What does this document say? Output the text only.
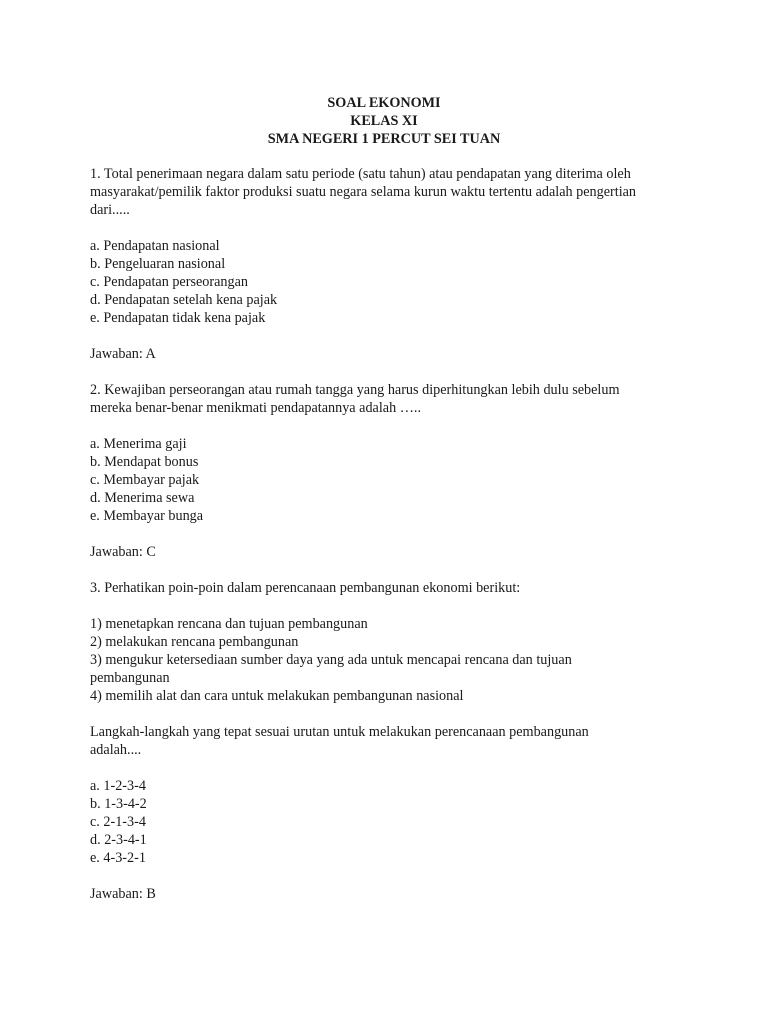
SOAL EKONOMI
KELAS XI
SMA NEGERI 1 PERCUT SEI TUAN
1. Total penerimaan negara dalam satu periode (satu tahun) atau pendapatan yang diterima oleh
masyarakat/pemilik faktor produksi suatu negara selama kurun waktu tertentu adalah pengertian
dari.....
a. Pendapatan nasional
b. Pengeluaran nasional
c. Pendapatan perseorangan
d. Pendapatan setelah kena pajak
e. Pendapatan tidak kena pajak
Jawaban: A
2. Kewajiban perseorangan atau rumah tangga yang harus diperhitungkan lebih dulu sebelum
mereka benar-benar menikmati pendapatannya adalah …..
a. Menerima gaji
b. Mendapat bonus
c. Membayar pajak
d. Menerima sewa
e. Membayar bunga
Jawaban: C
3. Perhatikan poin-poin dalam perencanaan pembangunan ekonomi berikut:
1) menetapkan rencana dan tujuan pembangunan
2) melakukan rencana pembangunan
3) mengukur ketersediaan sumber daya yang ada untuk mencapai rencana dan tujuan
pembangunan
4) memilih alat dan cara untuk melakukan pembangunan nasional
Langkah-langkah yang tepat sesuai urutan untuk melakukan perencanaan pembangunan
adalah....
a. 1-2-3-4
b. 1-3-4-2
c. 2-1-3-4
d. 2-3-4-1
e. 4-3-2-1
Jawaban: B
